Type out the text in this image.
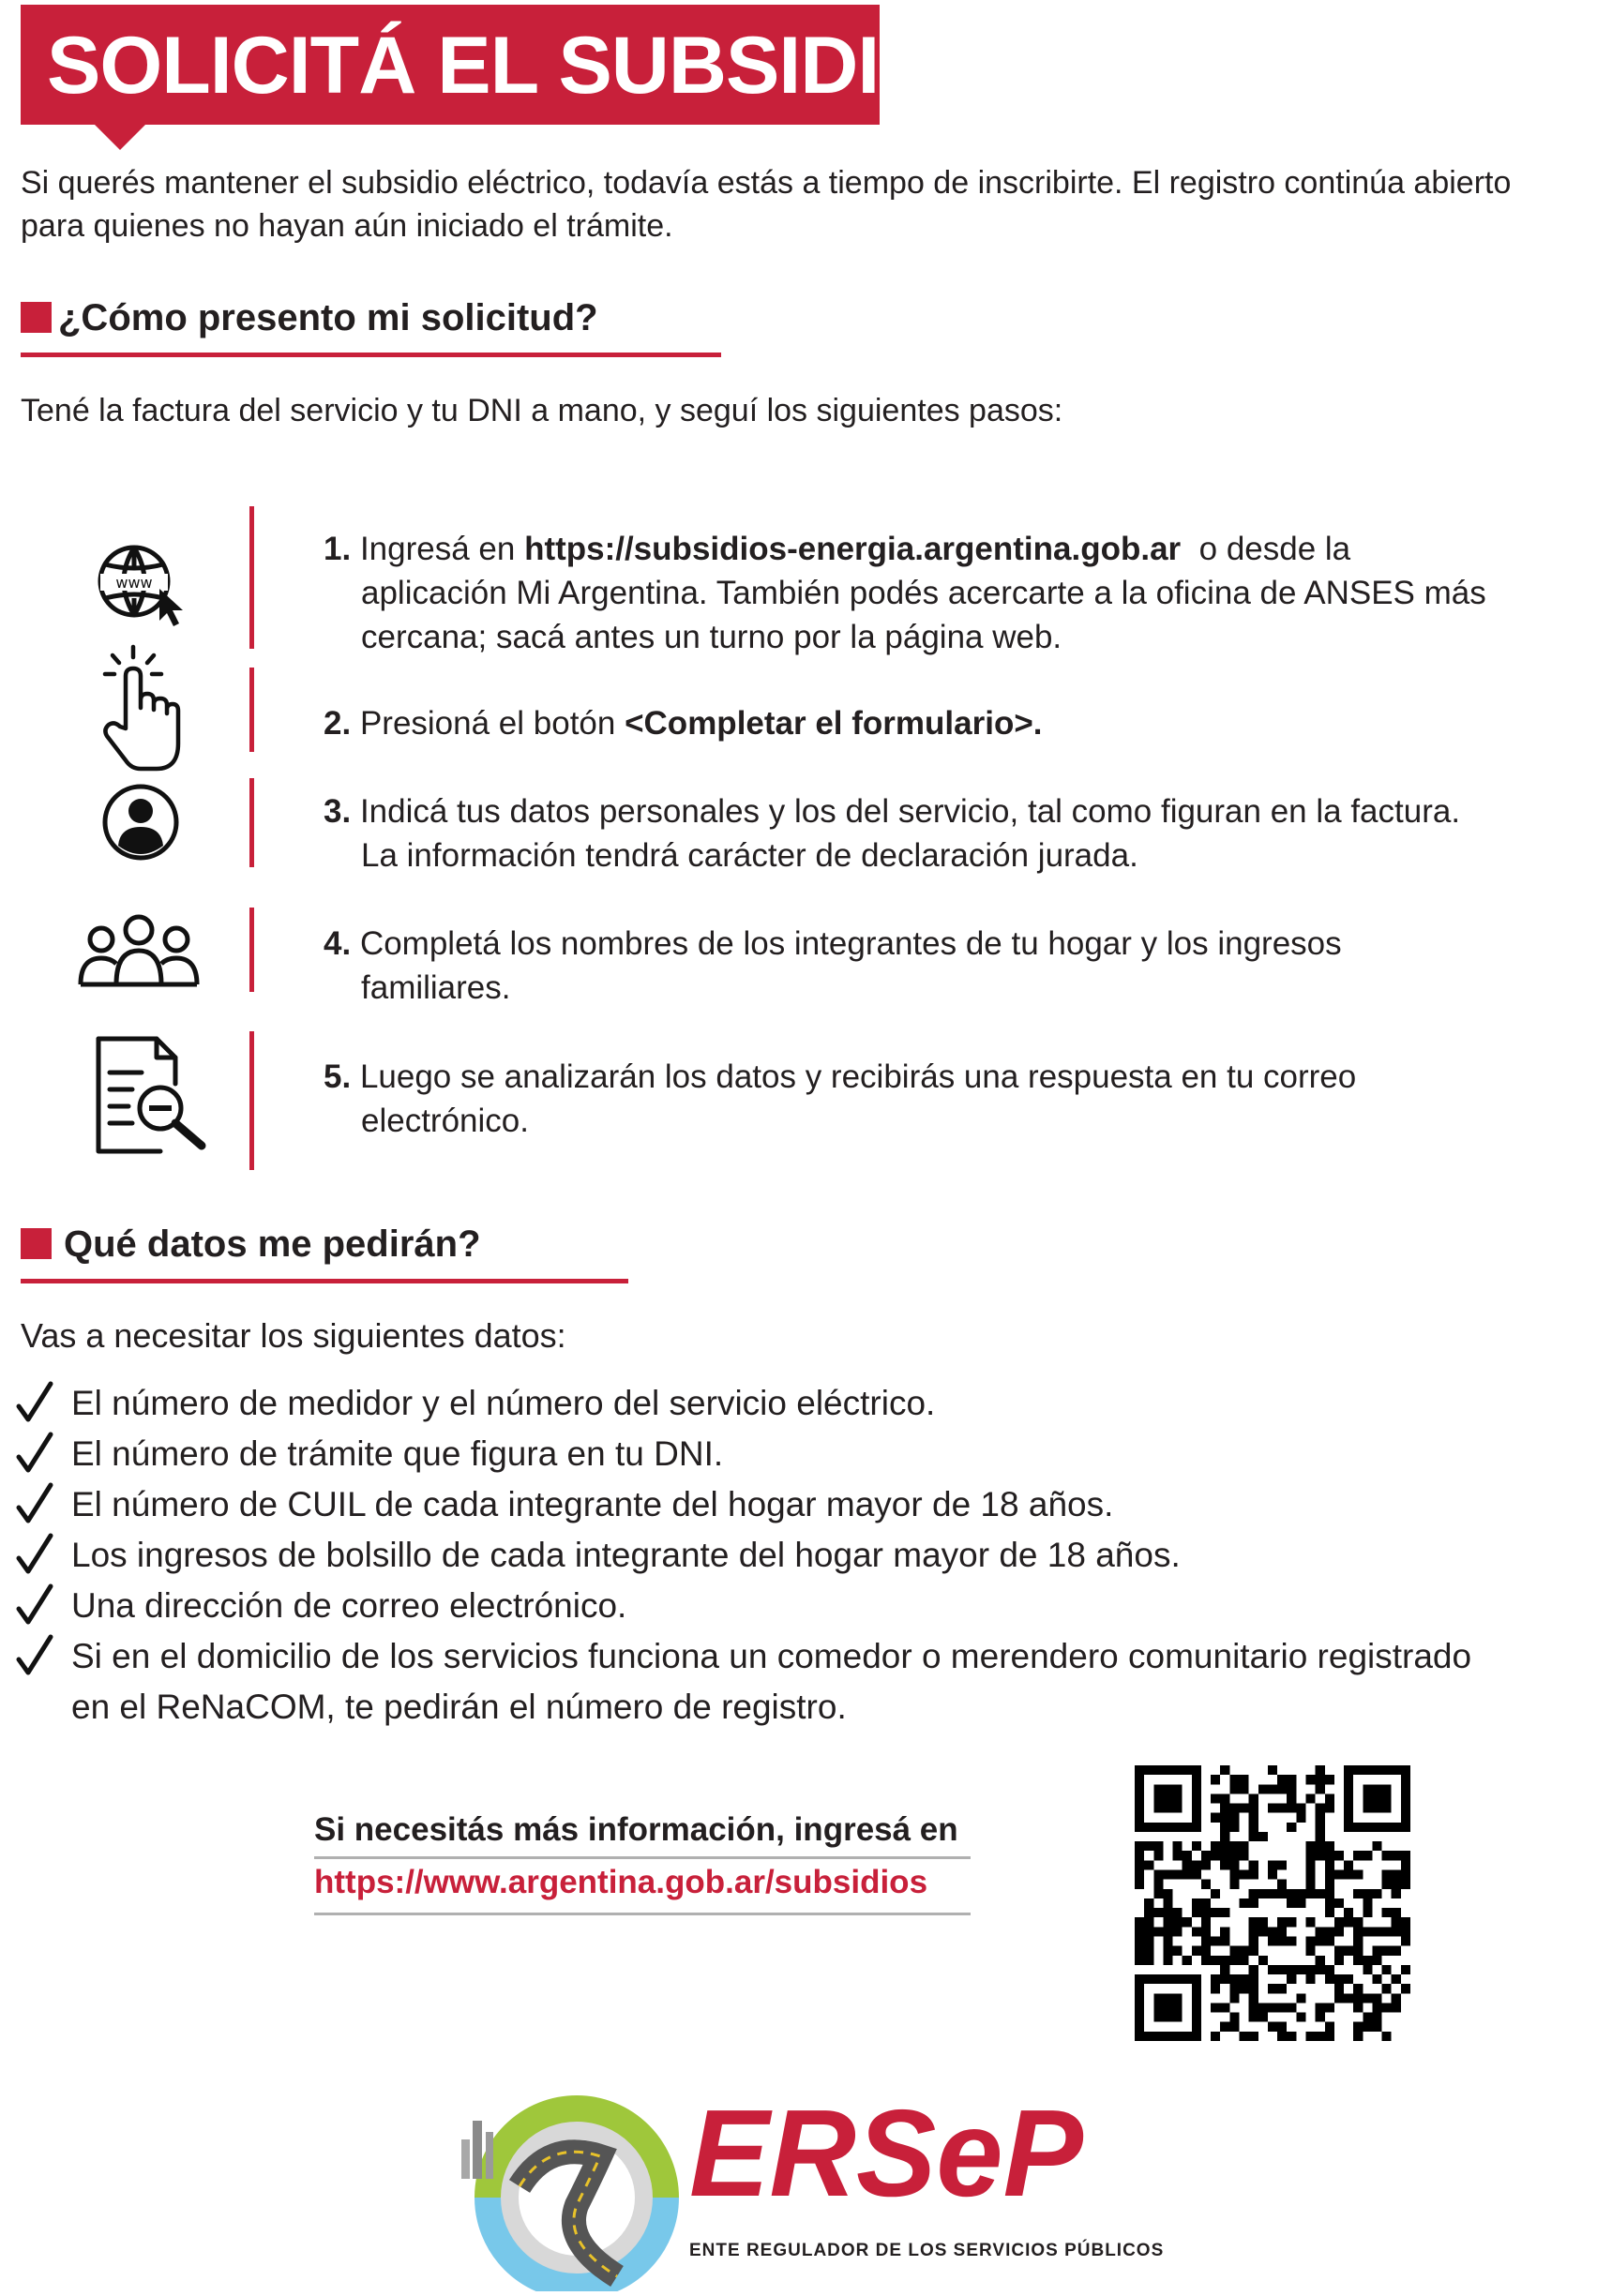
SOLICITÁ EL SUBSIDIO
Si querés mantener el subsidio eléctrico, todavía estás a tiempo de inscribirte. El registro continúa abierto para quienes no hayan aún iniciado el trámite.
¿Cómo presento mi solicitud?
Tené la factura del servicio y tu DNI a mano, y seguí los siguientes pasos:
www
1. Ingresá en https://subsidios-energia.argentina.gob.ar o desde la
aplicación Mi Argentina. También podés acercarte a la oficina de ANSES más
cercana; sacá antes un turno por la página web.
2. Presioná el botón <Completar el formulario>.
3. Indicá tus datos personales y los del servicio, tal como figuran en la factura.
La información tendrá carácter de declaración jurada.
4. Completá los nombres de los integrantes de tu hogar y los ingresos
familiares.
5. Luego se analizarán los datos y recibirás una respuesta en tu correo
electrónico.
Qué datos me pedirán?
Vas a necesitar los siguientes datos:
El número de medidor y el número del servicio eléctrico.
El número de trámite que figura en tu DNI.
El número de CUIL de cada integrante del hogar mayor de 18 años.
Los ingresos de bolsillo de cada integrante del hogar mayor de 18 años.
Una dirección de correo electrónico.
Si en el domicilio de los servicios funciona un comedor o merendero comunitario registrado en el ReNaCOM, te pedirán el número de registro.
Si necesitás más información, ingresá en
https://www.argentina.gob.ar/subsidios
ERSeP
ENTE REGULADOR DE LOS SERVICIOS PÚBLICOS
